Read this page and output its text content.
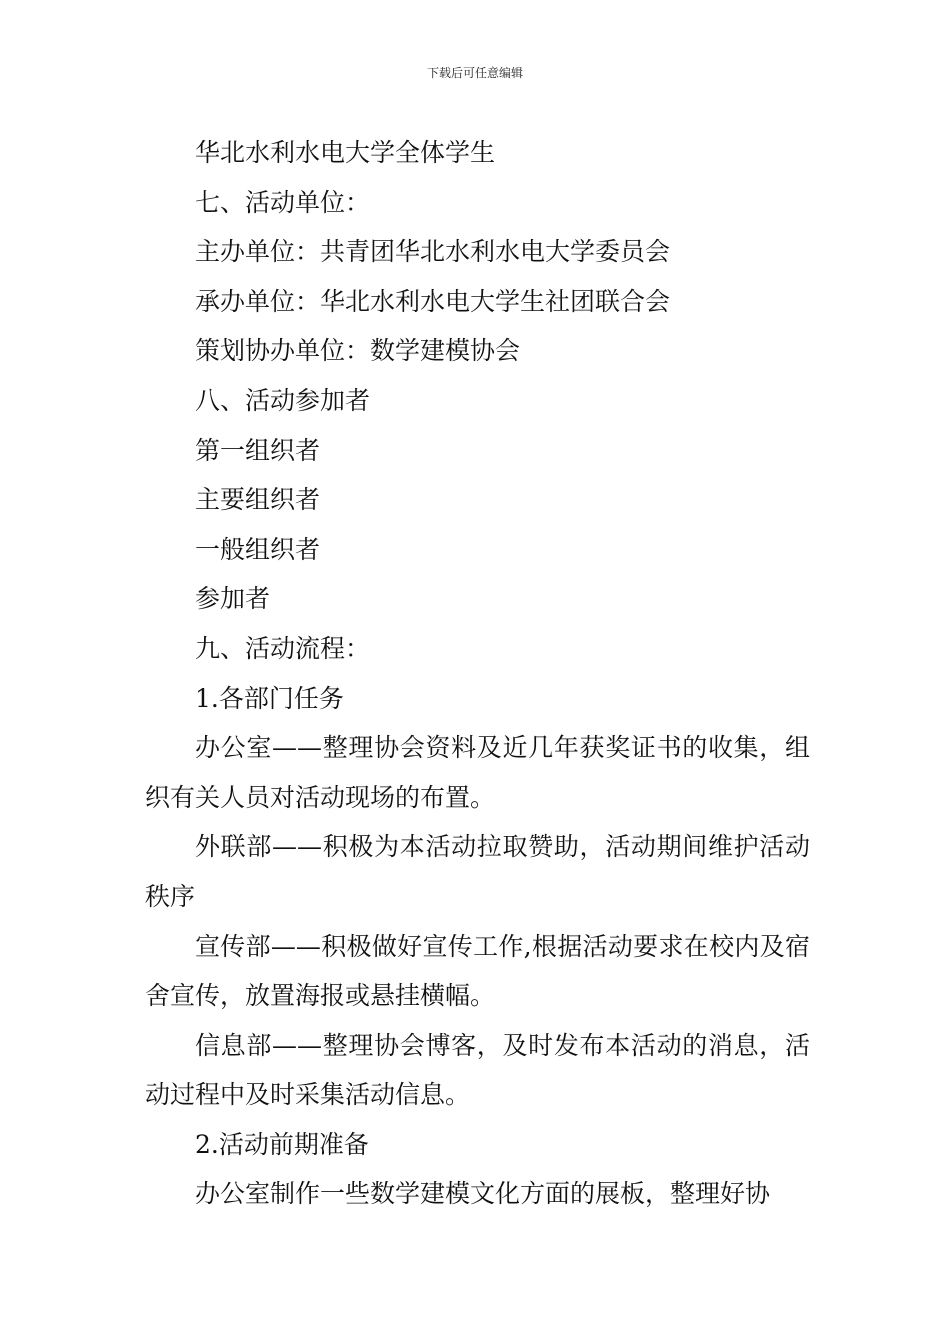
下载后可任意编辑

华北水利水电大学全体学生

七、活动单位：

主办单位：共青团华北水利水电大学委员会

承办单位：华北水利水电大学生社团联合会

策划协办单位：数学建模协会

八、活动参加者

第一组织者

主要组织者

一般组织者

参加者

九、活动流程：

1.各部门任务

办公室——整理协会资料及近几年获奖证书的收集，组织有关人员对活动现场的布置。

外联部——积极为本活动拉取赞助，活动期间维护活动秩序

宣传部——积极做好宣传工作,根据活动要求在校内及宿舍宣传，放置海报或悬挂横幅。

信息部——整理协会博客，及时发布本活动的消息，活动过程中及时采集活动信息。

2.活动前期准备

办公室制作一些数学建模文化方面的展板，整理好协
